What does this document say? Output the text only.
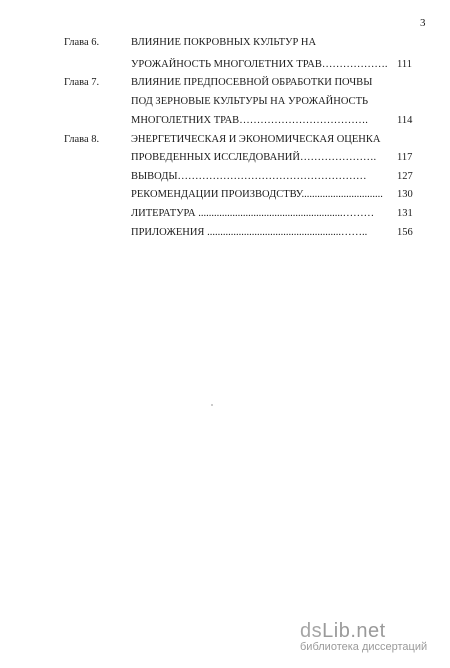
3
Глава 6.	ВЛИЯНИЕ ПОКРОВНЫХ КУЛЬТУР НА
УРОЖАЙНОСТЬ МНОГОЛЕТНИХ ТРАВ………………. 111
Глава 7.	ВЛИЯНИЕ ПРЕДПОСЕВНОЙ ОБРАБОТКИ ПОЧВЫ
ПОД ЗЕРНОВЫЕ КУЛЬТУРЫ НА УРОЖАЙНОСТЬ
МНОГОЛЕТНИХ ТРАВ……………………………….	114
Глава 8.	ЭНЕРГЕТИЧЕСКАЯ И ЭКОНОМИЧЕСКАЯ ОЦЕНКА
ПРОВЕДЕННЫХ ИССЛЕДОВАНИЙ…………………. 117
ВЫВОДЫ………………………………………………	127
РЕКОМЕНДАЦИИ ПРОИЗВОДСТВУ............................... 130
ЛИТЕРАТУРА .......................................................……… 131
ПРИЛОЖЕНИЯ ...................................................……..	156
dsLib.net
библиотека диссертаций
